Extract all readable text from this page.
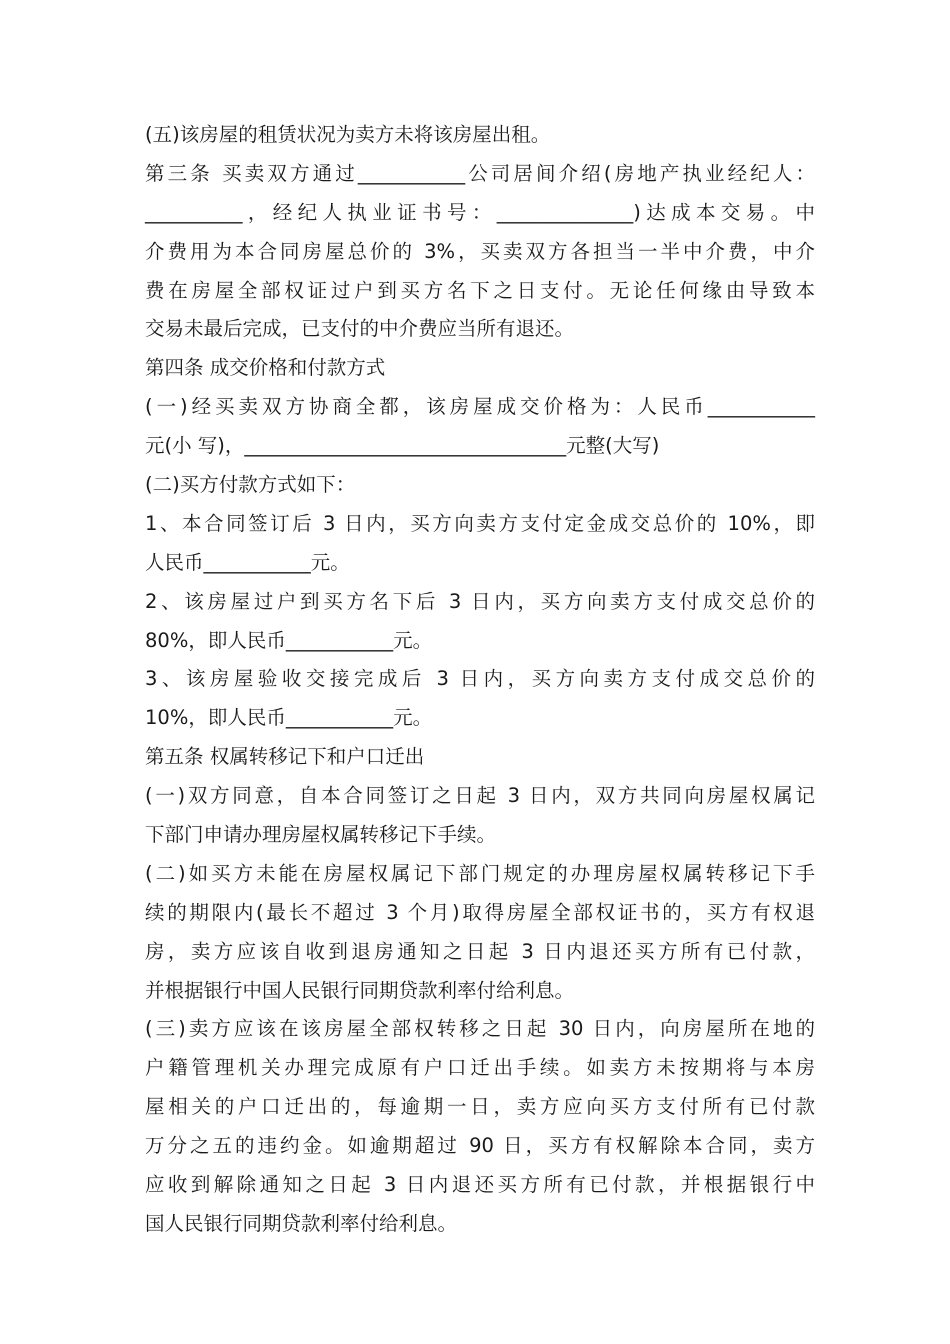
(五)该房屋的租赁状况为卖方未将该房屋出租。
第三条 买卖双方通过___________公司居间介绍(房地产执业经纪人：
__________，经纪人执业证书号：______________)达成本交易。中
介费用为本合同房屋总价的 3%，买卖双方各担当一半中介费，中介
费在房屋全部权证过户到买方名下之日支付。无论任何缘由导致本
交易未最后完成，已支付的中介费应当所有退还。
第四条 成交价格和付款方式
(一)经买卖双方协商全都，该房屋成交价格为：人民币___________
元(小 写)，_________________________________元整(大写)
(二)买方付款方式如下：
1、本合同签订后 3 日内，买方向卖方支付定金成交总价的 10%，即
人民币___________元。
2、该房屋过户到买方名下后 3 日内，买方向卖方支付成交总价的
80%，即人民币___________元。
3、该房屋验收交接完成后 3 日内，买方向卖方支付成交总价的
10%，即人民币___________元。
第五条 权属转移记下和户口迁出
(一)双方同意，自本合同签订之日起 3 日内，双方共同向房屋权属记
下部门申请办理房屋权属转移记下手续。
(二)如买方未能在房屋权属记下部门规定的办理房屋权属转移记下手
续的期限内(最长不超过 3 个月)取得房屋全部权证书的，买方有权退
房，卖方应该自收到退房通知之日起 3 日内退还买方所有已付款，
并根据银行中国人民银行同期贷款利率付给利息。
(三)卖方应该在该房屋全部权转移之日起 30 日内，向房屋所在地的
户籍管理机关办理完成原有户口迁出手续。如卖方未按期将与本房
屋相关的户口迁出的，每逾期一日，卖方应向买方支付所有已付款
万分之五的违约金。如逾期超过 90 日，买方有权解除本合同，卖方
应收到解除通知之日起 3 日内退还买方所有已付款，并根据银行中
国人民银行同期贷款利率付给利息。
